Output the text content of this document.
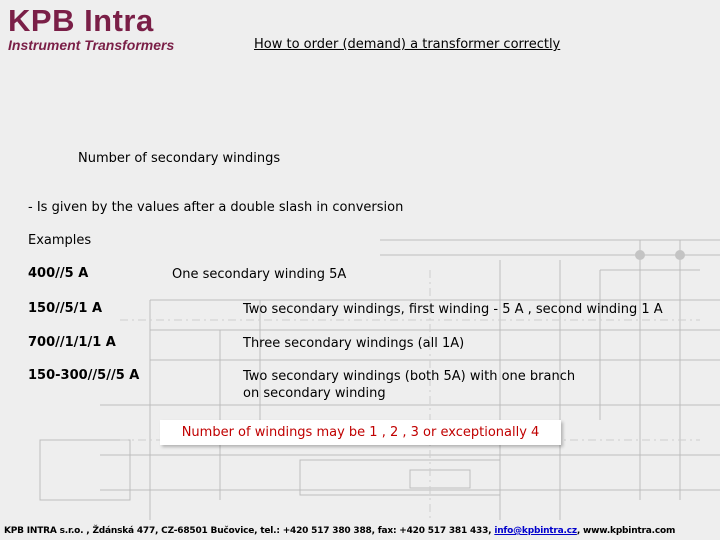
KPB Intra
Instrument Transformers	How to order (demand) a transformer correctly
Number of secondary windings
- Is given by the values after a double slash in conversion
Examples
400//5 A	One secondary winding 5A
150//5/1 A	Two secondary windings, first winding - 5 A , second winding 1 A
700//1/1/1 A	Three secondary windings (all 1A)
150-300//5//5 A	Two secondary windings (both 5A) with one branch
on secondary winding
Number of windings may be 1 , 2 , 3 or exceptionally 4
KPB INTRA s.r.o. , Ždánská 477, CZ-68501 Bučovice, tel.: +420 517 380 388, fax: +420 517 381 433, info@kpbintra.cz, www.kpbintra.com
